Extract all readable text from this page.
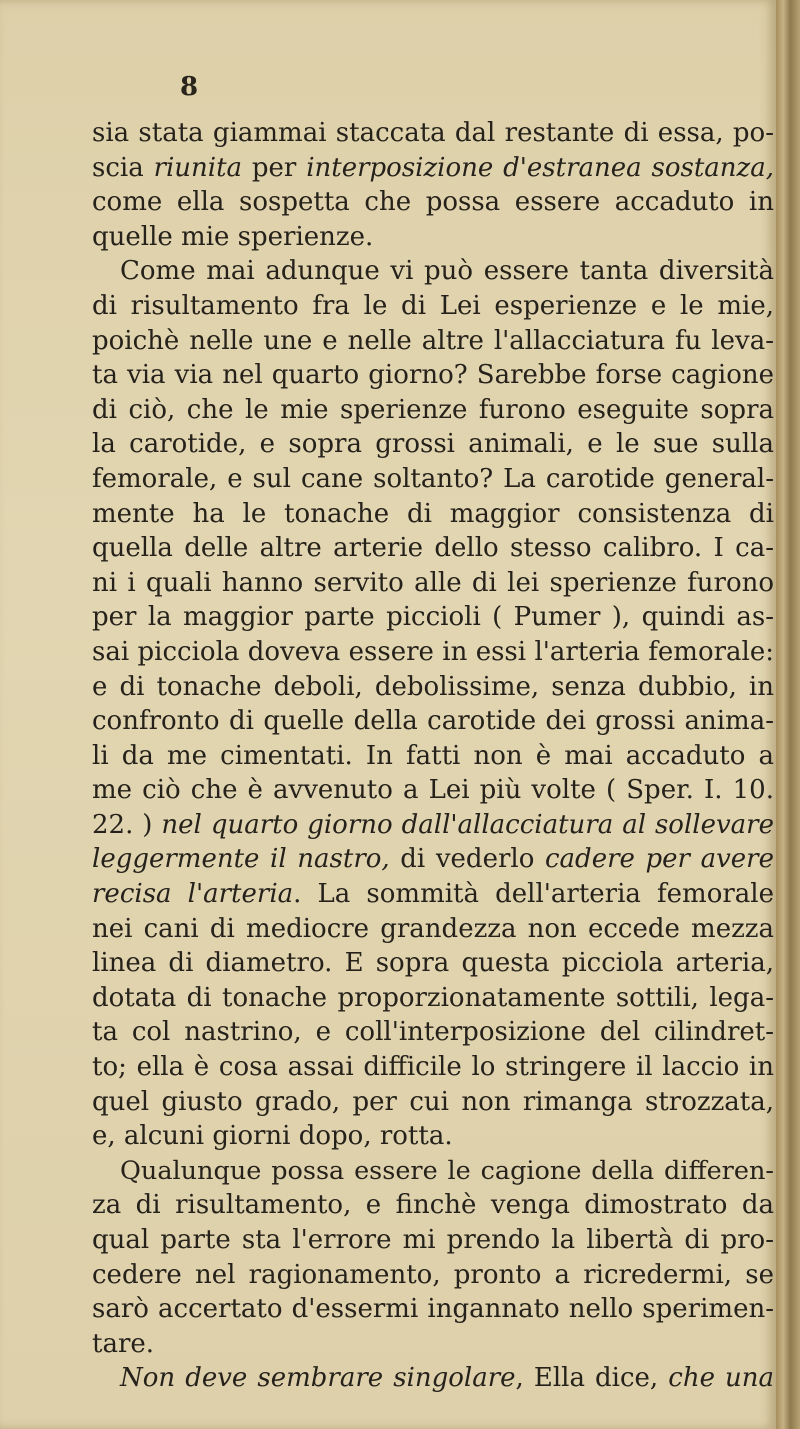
8

sia stata giammai staccata dal restante di essa, po-
scia riunita per interposizione d'estranea sostanza,
come ella sospetta che possa essere accaduto in
quelle mie sperienze.
Come mai adunque vi può essere tanta diversità
di risultamento fra le di Lei esperienze e le mie,
poichè nelle une e nelle altre l'allacciatura fu leva-
ta via via nel quarto giorno? Sarebbe forse cagione
di ciò, che le mie sperienze furono eseguite sopra
la carotide, e sopra grossi animali, e le sue sulla
femorale, e sul cane soltanto? La carotide general-
mente ha le tonache di maggior consistenza di
quella delle altre arterie dello stesso calibro. I ca-
ni i quali hanno servito alle di lei sperienze furono
per la maggior parte piccioli ( Pumer ), quindi as-
sai picciola doveva essere in essi l'arteria femorale:
e di tonache deboli, debolissime, senza dubbio, in
confronto di quelle della carotide dei grossi anima-
li da me cimentati. In fatti non è mai accaduto a
me ciò che è avvenuto a Lei più volte ( Sper. I. 10.
22. ) nel quarto giorno dall'allacciatura al sollevare
leggermente il nastro, di vederlo cadere per avere
recisa l'arteria. La sommità dell'arteria femorale
nei cani di mediocre grandezza non eccede mezza
linea di diametro. E sopra questa picciola arteria,
dotata di tonache proporzionatamente sottili, lega-
ta col nastrino, e coll'interposizione del cilindret-
to; ella è cosa assai difficile lo stringere il laccio in
quel giusto grado, per cui non rimanga strozzata,
e, alcuni giorni dopo, rotta.
Qualunque possa essere le cagione della differen-
za di risultamento, e finchè venga dimostrato da
qual parte sta l'errore mi prendo la libertà di pro-
cedere nel ragionamento, pronto a ricredermi, se
sarò accertato d'essermi ingannato nello sperimen-
tare.
Non deve sembrare singolare, Ella dice, che una
